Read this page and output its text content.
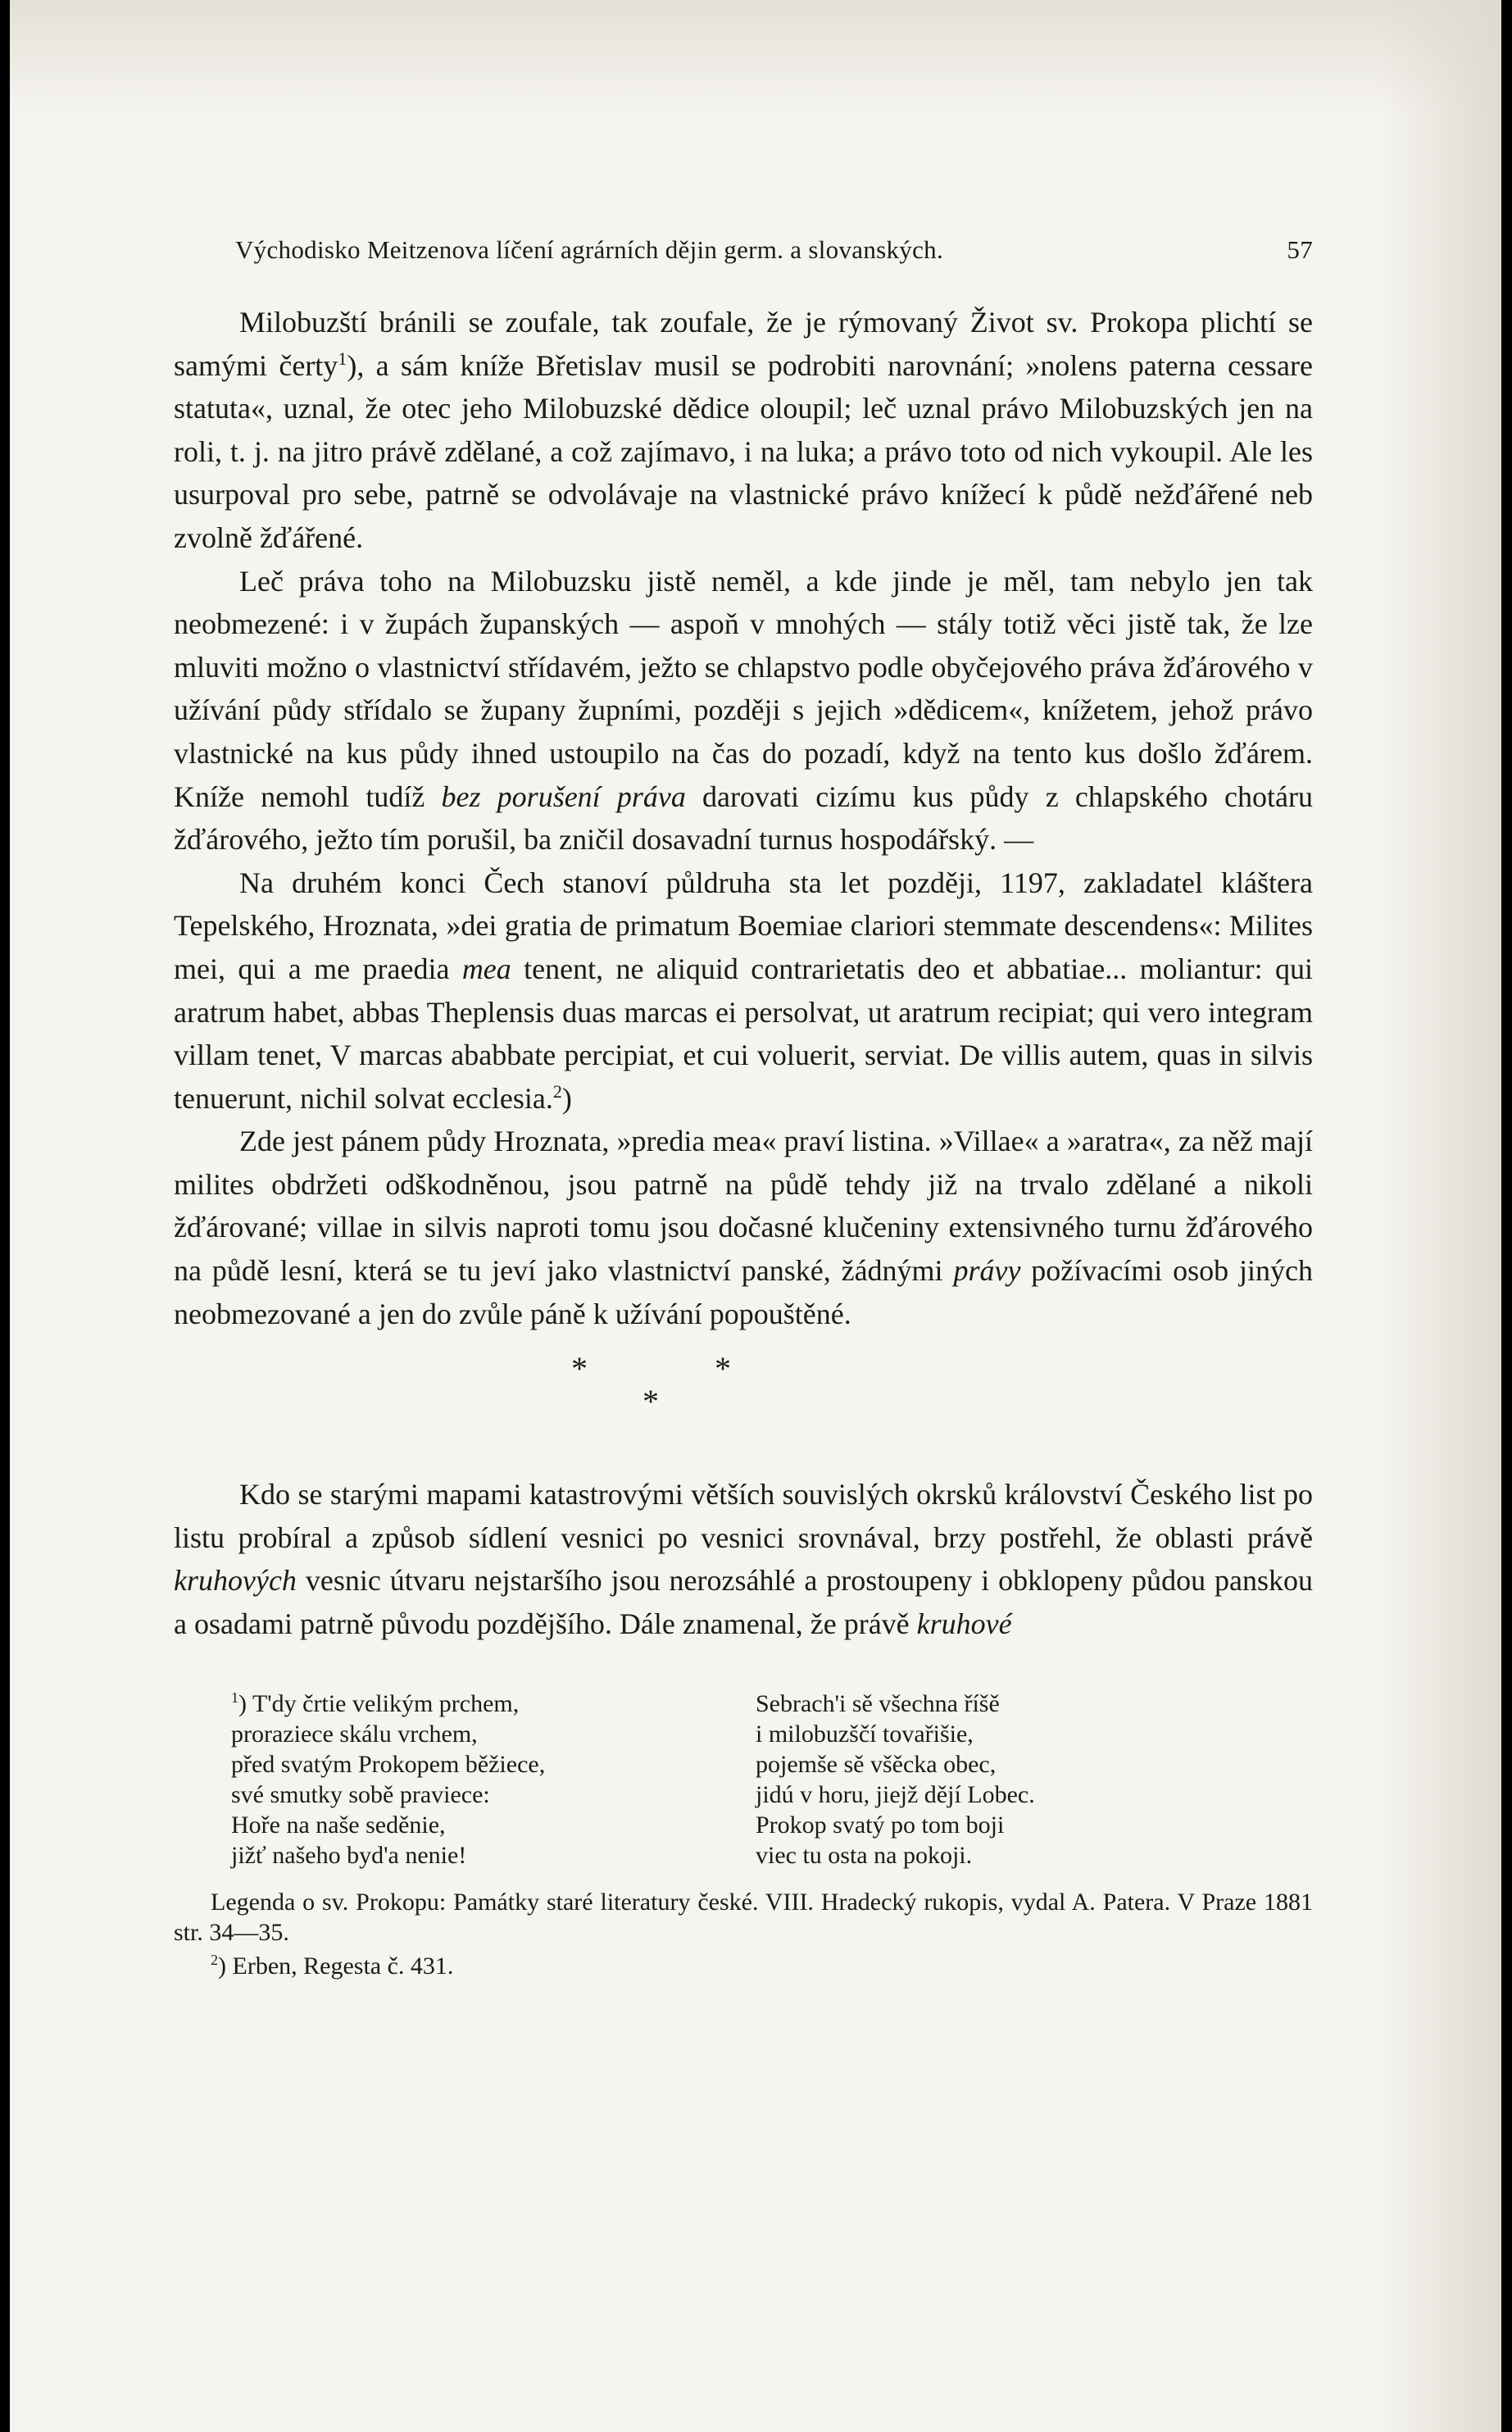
Východisko Meitzenova líčení agrárních dějin germ. a slovanských.	57

Milobuzští bránili se zoufale, tak zoufale, že je rýmovaný Život sv. Prokopa plichtí se samými čerty$^1$), a sám kníže Břetislav musil se podrobiti narovnání; »nolens paterna cessare statuta«, uznal, že otec jeho Milobuzské dědice oloupil; leč uznal právo Milobuzských jen na roli, t. j. na jitro právě zdělané, a což zajímavo, i na luka; a právo toto od nich vykoupil. Ale les usurpoval pro sebe, patrně se odvolávaje na vlastnické právo knížecí k půdě nežďářené neb zvolně žďářené.

Leč práva toho na Milobuzsku jistě neměl, a kde jinde je měl, tam nebylo jen tak neobmezené: i v župách županských — aspoň v mnohých — stály totiž věci jistě tak, že lze mluviti možno o vlastnictví střídavém, ježto se chlapstvo podle obyčejového práva žďárového v užívání půdy střídalo se župany župními, později s jejich »dědicem«, knížetem, jehož právo vlastnické na kus půdy ihned ustoupilo na čas do pozadí, když na tento kus došlo žďárem. Kníže nemohl tudíž bez porušení práva darovati cizímu kus půdy z chlapského chotáru žďárového, ježto tím porušil, ba zničil dosavadní turnus hospodářský. —

Na druhém konci Čech stanoví půldruha sta let později, 1197, zakladatel kláštera Tepelského, Hroznata, »dei gratia de primatum Boemiae clariori stemmate descendens«: Milites mei, qui a me praedia mea tenent, ne aliquid contrarietatis deo et abbatiae... moliantur: qui aratrum habet, abbas Theplensis duas marcas ei persolvat, ut aratrum recipiat; qui vero integram villam tenet, V marcas ababbate percipiat, et cui voluerit, serviat. De villis autem, quas in silvis tenuerunt, nichil solvat ecclesia.$^2$)

Zde jest pánem půdy Hroznata, »predia mea« praví listina. »Villae« a »aratra«, za něž mají milites obdržeti odškodněnou, jsou patrně na půdě tehdy již na trvalo zdělané a nikoli žďárované; villae in silvis naproti tomu jsou dočasné klučeniny extensivného turnu žďárového na půdě lesní, která se tu jeví jako vlastnictví panské, žádnými právy požívacími osob jiných neobmezované a jen do zvůle páně k užívání popouštěné.

*	*
*

Kdo se starými mapami katastrovými větších souvislých okrsků království Českého list po listu probíral a způsob sídlení vesnici po vesnici srovnával, brzy postřehl, že oblasti právě kruhových vesnic útvaru nejstaršího jsou nerozsáhlé a prostoupeny i obklopeny půdou panskou a osadami patrně původu pozdějšího. Dále znamenal, že právě kruhové

$^1$) T'dy črtie velikým prchem,
proraziece skálu vrchem,
před svatým Prokopem běžiece,
své smutky sobě praviece:
Hoře na naše seděnie,
jižť našeho byd'a nenie!
Sebrach'i sě všechna říšě
i milobuzščí tovařišie,
pojemše sě všěcka obec,
jidú v horu, jiejž dějí Lobec.
Prokop svatý po tom boji
viec tu osta na pokoji.
Legenda o sv. Prokopu: Památky staré literatury české. VIII. Hradecký rukopis, vydal A. Patera. V Praze 1881 str. 34—35.
$^2$) Erben, Regesta č. 431.
